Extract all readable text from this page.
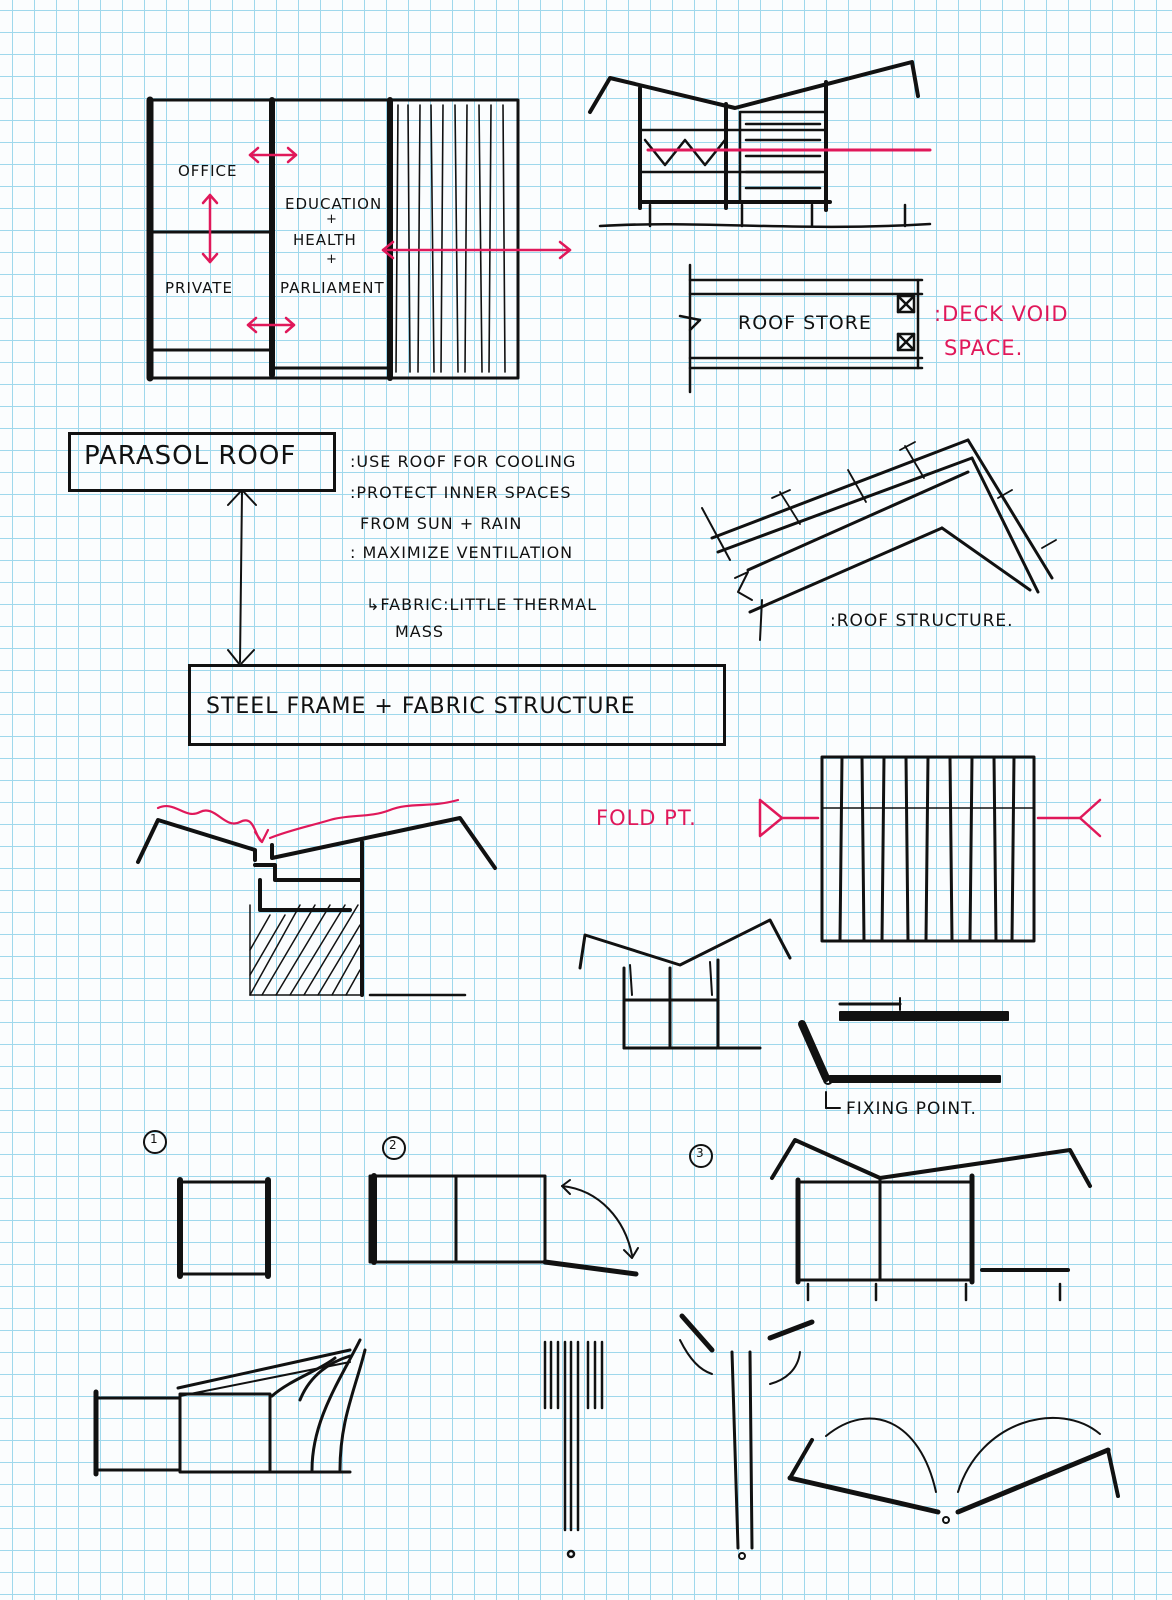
OFFICE
PRIVATE
EDUCATION
+
HEALTH
+
PARLIAMENT
ROOF STORE	:DECK VOID
SPACE.
PARASOL ROOF	:USE ROOF FOR COOLING
:PROTECT INNER SPACES
FROM SUN + RAIN
: MAXIMIZE VENTILATION
↳FABRIC:LITTLE THERMAL
MASS
STEEL FRAME + FABRIC STRUCTURE
:ROOF STRUCTURE.
FOLD PT.
FIXING POINT.
1	2
3
